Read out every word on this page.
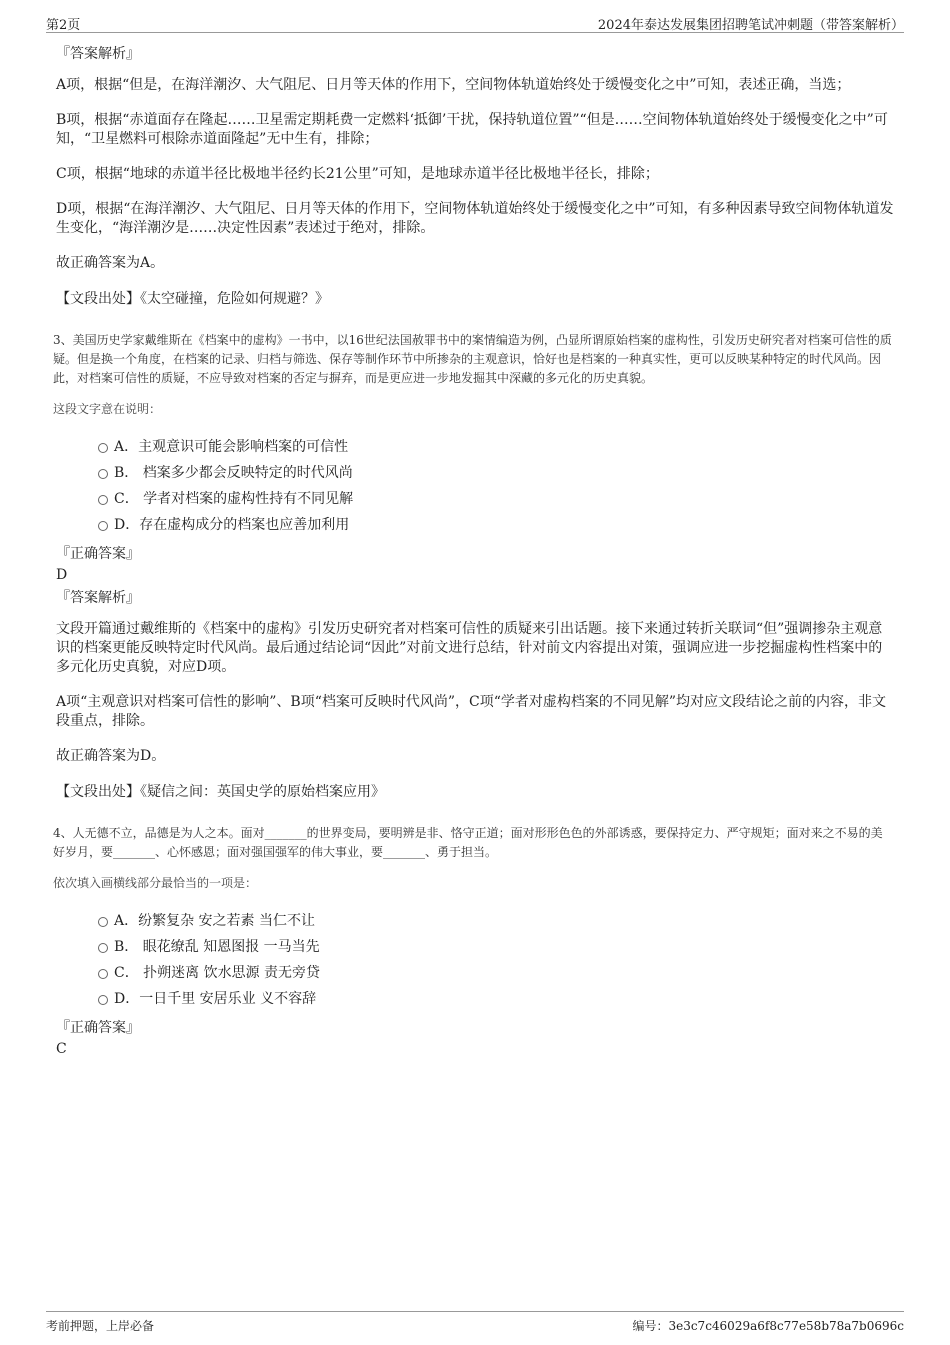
第2页	2024年泰达发展集团招聘笔试冲刺题（带答案解析）
『答案解析』
A项，根据“但是，在海洋潮汐、大气阻尼、日月等天体的作用下，空间物体轨道始终处于缓慢变化之中”可知，表述正确，当选；
B项，根据“赤道面存在隆起……卫星需定期耗费一定燃料‘抵御’干扰，保持轨道位置”“但是……空间物体轨道始终处于缓慢变化之中”可知，“卫星燃料可根除赤道面隆起”无中生有，排除；
C项，根据“地球的赤道半径比极地半径约长21公里”可知，是地球赤道半径比极地半径长，排除；
D项，根据“在海洋潮汐、大气阻尼、日月等天体的作用下，空间物体轨道始终处于缓慢变化之中”可知，有多种因素导致空间物体轨道发生变化，“海洋潮汐是……决定性因素”表述过于绝对，排除。
故正确答案为A。
【文段出处】《太空碰撞，危险如何规避？》
3、美国历史学家戴维斯在《档案中的虚构》一书中，以16世纪法国赦罪书中的案情编造为例，凸显所谓原始档案的虚构性，引发历史研究者对档案可信性的质疑。但是换一个角度，在档案的记录、归档与筛选、保存等制作环节中所掺杂的主观意识，恰好也是档案的一种真实性，更可以反映某种特定的时代风尚。因此，对档案可信性的质疑，不应导致对档案的否定与摒弃，而是更应进一步地发掘其中深藏的多元化的历史真貌。
这段文字意在说明：
A．主观意识可能会影响档案的可信性
B． 档案多少都会反映特定的时代风尚
C． 学者对档案的虚构性持有不同见解
D．存在虚构成分的档案也应善加利用
『正确答案』
D
『答案解析』
文段开篇通过戴维斯的《档案中的虚构》引发历史研究者对档案可信性的质疑来引出话题。接下来通过转折关联词“但”强调掺杂主观意识的档案更能反映特定时代风尚。最后通过结论词“因此”对前文进行总结，针对前文内容提出对策，强调应进一步挖掘虚构性档案中的多元化历史真貌，对应D项。
A项“主观意识对档案可信性的影响”、B项“档案可反映时代风尚”，C项“学者对虚构档案的不同见解”均对应文段结论之前的内容，非文段重点，排除。
故正确答案为D。
【文段出处】《疑信之间：英国史学的原始档案应用》
4、人无德不立，品德是为人之本。面对_______的世界变局，要明辨是非、恪守正道；面对形形色色的外部诱惑，要保持定力、严守规矩；面对来之不易的美好岁月，要_______、心怀感恩；面对强国强军的伟大事业，要_______、勇于担当。
依次填入画横线部分最恰当的一项是：
A．纷繁复杂 安之若素 当仁不让
B． 眼花缭乱 知恩图报 一马当先
C． 扑朔迷离 饮水思源 责无旁贷
D．一日千里 安居乐业 义不容辞
『正确答案』
C
考前押题，上岸必备	编号：3e3c7c46029a6f8c77e58b78a7b0696c
